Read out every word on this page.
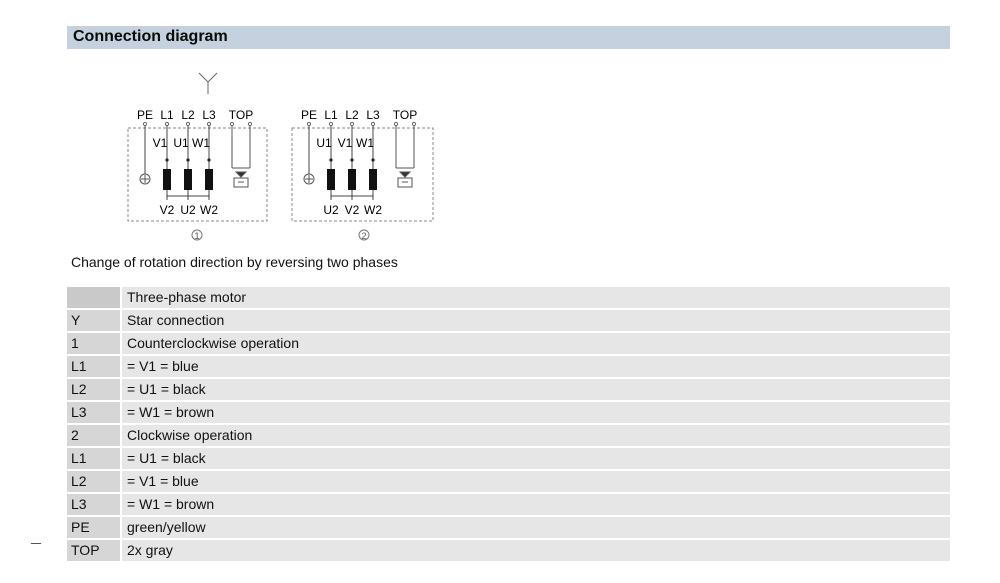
Connection diagram
PE L1 L2 L3 TOP
V1 U1 W1
V2 U2 W2
1
PE L1 L2 L3 TOP
U1 V1 W1
U2 V2 W2
2
Change of rotation direction by reversing two phases
Three-phase motor
Y	Star connection
1	Counterclockwise operation
L1	= V1 = blue
L2	= U1 = black
L3	= W1 = brown
2	Clockwise operation
L1	= U1 = black
L2	= V1 = blue
L3	= W1 = brown
PE	green/yellow
TOP	2x gray
